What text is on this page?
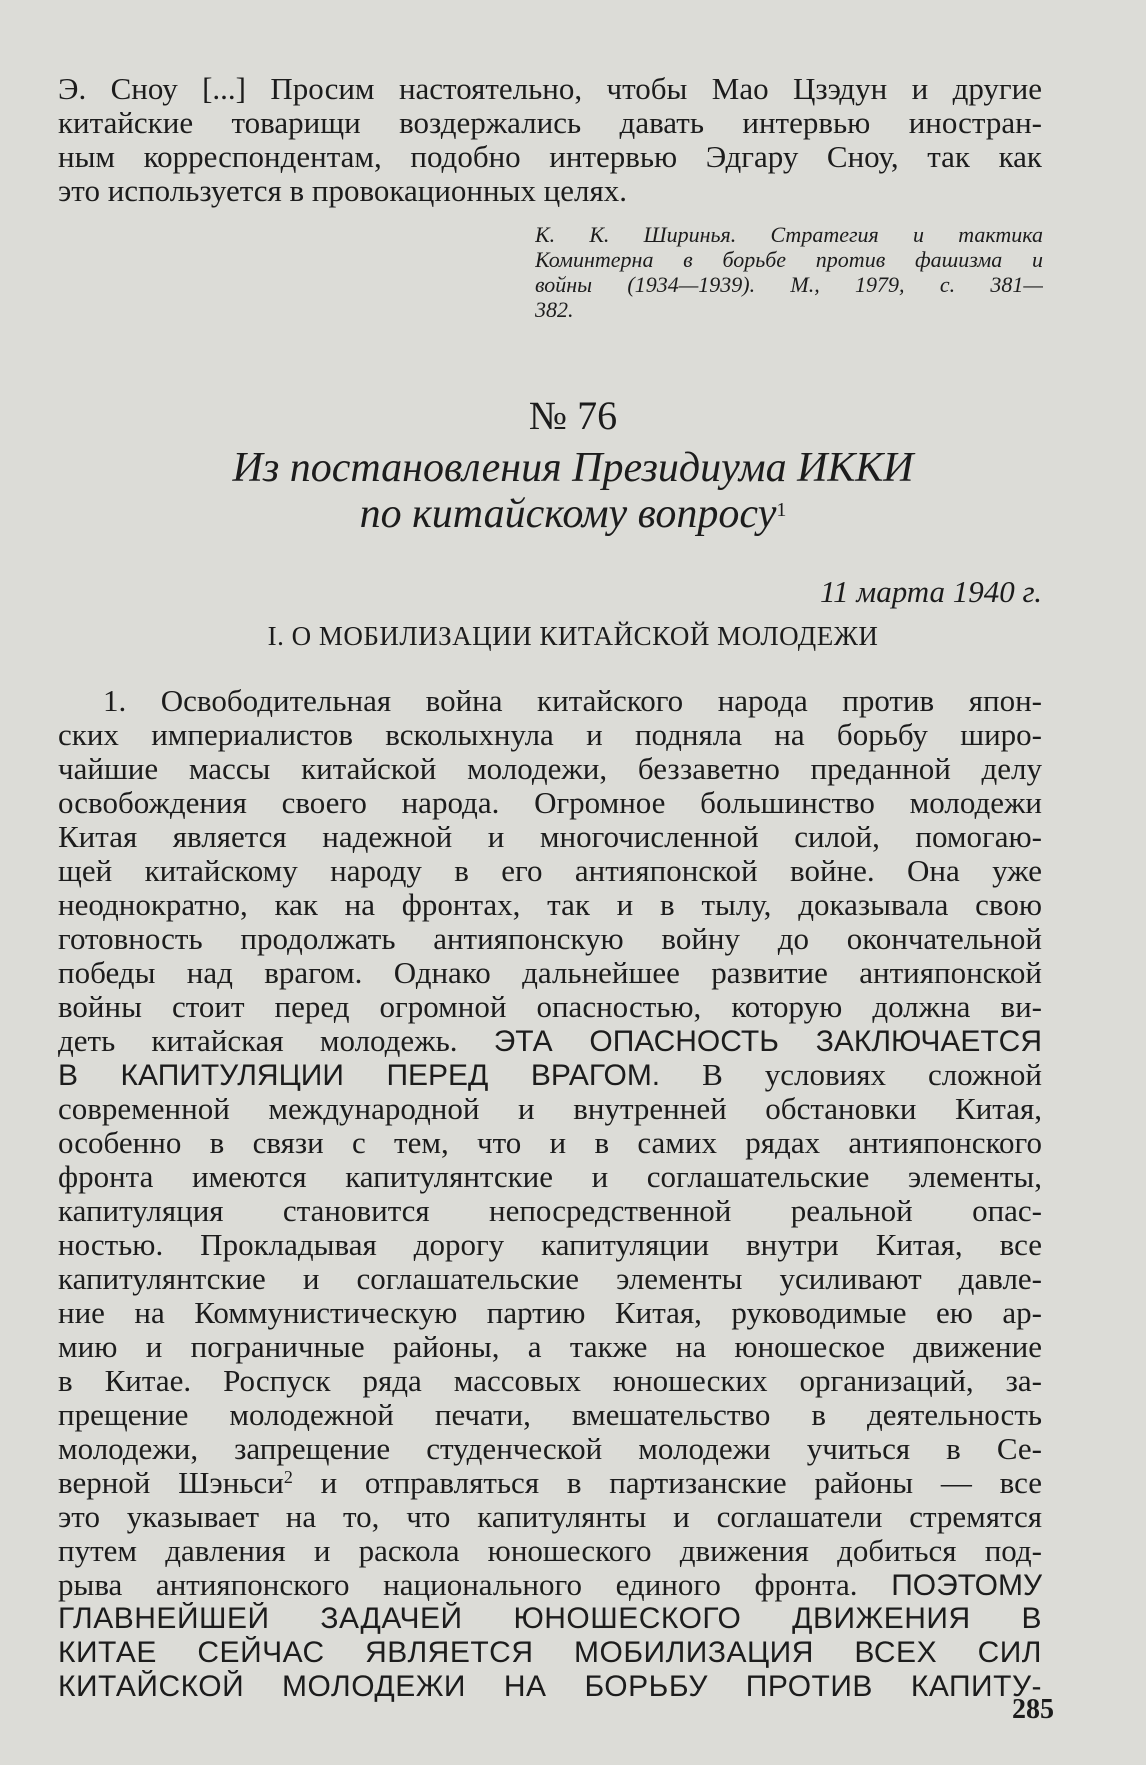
Э. Сноу [...] Просим настоятельно, чтобы Мао Цзэдун и другие
китайские товарищи воздержались давать интервью иностран-
ным корреспондентам, подобно интервью Эдгару Сноу, так как
это используется в провокационных целях.
К. К. Ширинья. Стратегия и тактика
Коминтерна в борьбе против фашизма и
войны (1934—1939). М., 1979, с. 381—
382.
№ 76
Из постановления Президиума ИККИ
по китайскому вопросу$^1$
11 марта 1940 г.
I. О МОБИЛИЗАЦИИ КИТАЙСКОЙ МОЛОДЕЖИ
1. Освободительная война китайского народа против япон-
ских империалистов всколыхнула и подняла на борьбу широ-
чайшие массы китайской молодежи, беззаветно преданной делу
освобождения своего народа. Огромное большинство молодежи
Китая является надежной и многочисленной силой, помогаю-
щей китайскому народу в его антияпонской войне. Она уже
неоднократно, как на фронтах, так и в тылу, доказывала свою
готовность продолжать антияпонскую войну до окончательной
победы над врагом. Однако дальнейшее развитие антияпонской
войны стоит перед огромной опасностью, которую должна ви-
деть китайская молодежь. ЭТА ОПАСНОСТЬ ЗАКЛЮЧАЕТСЯ
В КАПИТУЛЯЦИИ ПЕРЕД ВРАГОМ. В условиях сложной
современной международной и внутренней обстановки Китая,
особенно в связи с тем, что и в самих рядах антияпонского
фронта имеются капитулянтские и соглашательские элементы,
капитуляция становится непосредственной реальной опас-
ностью. Прокладывая дорогу капитуляции внутри Китая, все
капитулянтские и соглашательские элементы усиливают давле-
ние на Коммунистическую партию Китая, руководимые ею ар-
мию и пограничные районы, а также на юношеское движение
в Китае. Роспуск ряда массовых юношеских организаций, за-
прещение молодежной печати, вмешательство в деятельность
молодежи, запрещение студенческой молодежи учиться в Се-
верной Шэньси$^2$ и отправляться в партизанские районы — все
это указывает на то, что капитулянты и соглашатели стремятся
путем давления и раскола юношеского движения добиться под-
рыва антияпонского национального единого фронта. ПОЭТОМУ
ГЛАВНЕЙШЕЙ ЗАДАЧЕЙ ЮНОШЕСКОГО ДВИЖЕНИЯ В
КИТАЕ СЕЙЧАС ЯВЛЯЕТСЯ МОБИЛИЗАЦИЯ ВСЕХ СИЛ
КИТАЙСКОЙ МОЛОДЕЖИ НА БОРЬБУ ПРОТИВ КАПИТУ-
285
